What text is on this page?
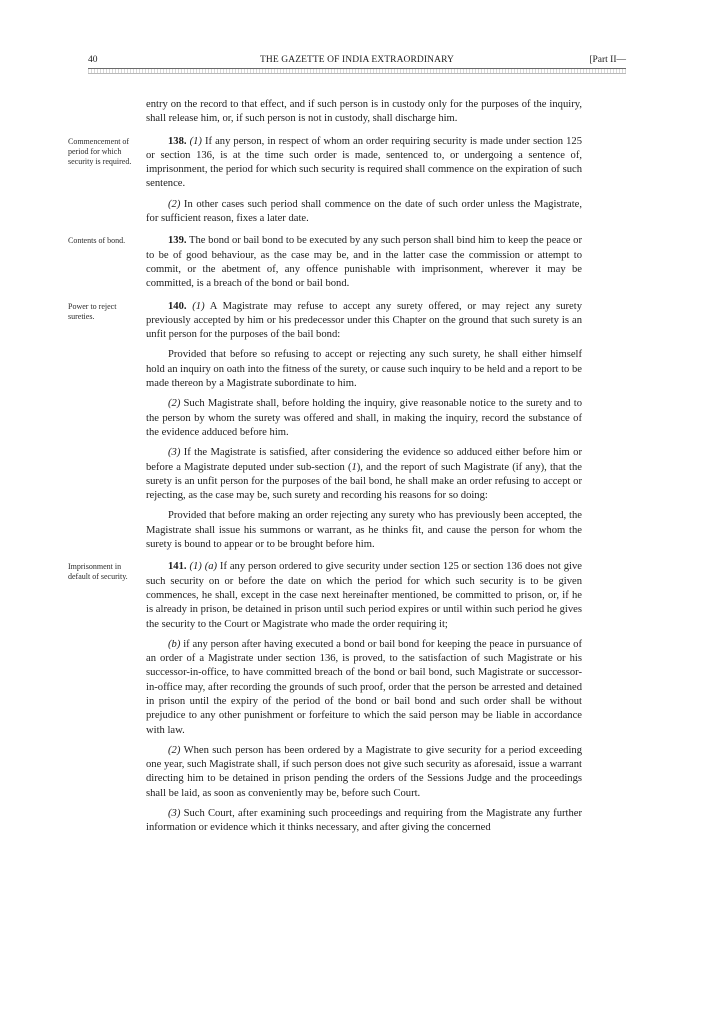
40	THE GAZETTE OF INDIA EXTRAORDINARY	[Part II—

entry on the record to that effect, and if such person is in custody only for the purposes of the inquiry, shall release him, or, if such person is not in custody, shall discharge him.

Commencement of period for which security is required.

138. (1) If any person, in respect of whom an order requiring security is made under section 125 or section 136, is at the time such order is made, sentenced to, or undergoing a sentence of, imprisonment, the period for which such security is required shall commence on the expiration of such sentence.

(2) In other cases such period shall commence on the date of such order unless the Magistrate, for sufficient reason, fixes a later date.

Contents of bond.	139. The bond or bail bond to be executed by any such person shall bind him to keep the peace or to be of good behaviour, as the case may be, and in the latter case the commission or attempt to commit, or the abetment of, any offence punishable with imprisonment, wherever it may be committed, is a breach of the bond or bail bond.

Power to reject sureties.

140. (1) A Magistrate may refuse to accept any surety offered, or may reject any surety previously accepted by him or his predecessor under this Chapter on the ground that such surety is an unfit person for the purposes of the bail bond:

Provided that before so refusing to accept or rejecting any such surety, he shall either himself hold an inquiry on oath into the fitness of the surety, or cause such inquiry to be held and a report to be made thereon by a Magistrate subordinate to him.

(2) Such Magistrate shall, before holding the inquiry, give reasonable notice to the surety and to the person by whom the surety was offered and shall, in making the inquiry, record the substance of the evidence adduced before him.

(3) If the Magistrate is satisfied, after considering the evidence so adduced either before him or before a Magistrate deputed under sub-section (1), and the report of such Magistrate (if any), that the surety is an unfit person for the purposes of the bail bond, he shall make an order refusing to accept or rejecting, as the case may be, such surety and recording his reasons for so doing:

Provided that before making an order rejecting any surety who has previously been accepted, the Magistrate shall issue his summons or warrant, as he thinks fit, and cause the person for whom the surety is bound to appear or to be brought before him.

Imprisonment in default of security.

141. (1) (a) If any person ordered to give security under section 125 or section 136 does not give such security on or before the date on which the period for which such security is to be given commences, he shall, except in the case next hereinafter mentioned, be committed to prison, or, if he is already in prison, be detained in prison until such period expires or until within such period he gives the security to the Court or Magistrate who made the order requiring it;

(b) if any person after having executed a bond or bail bond for keeping the peace in pursuance of an order of a Magistrate under section 136, is proved, to the satisfaction of such Magistrate or his successor-in-office, to have committed breach of the bond or bail bond, such Magistrate or successor-in-office may, after recording the grounds of such proof, order that the person be arrested and detained in prison until the expiry of the period of the bond or bail bond and such order shall be without prejudice to any other punishment or forfeiture to which the said person may be liable in accordance with law.

(2) When such person has been ordered by a Magistrate to give security for a period exceeding one year, such Magistrate shall, if such person does not give such security as aforesaid, issue a warrant directing him to be detained in prison pending the orders of the Sessions Judge and the proceedings shall be laid, as soon as conveniently may be, before such Court.

(3) Such Court, after examining such proceedings and requiring from the Magistrate any further information or evidence which it thinks necessary, and after giving the concerned
